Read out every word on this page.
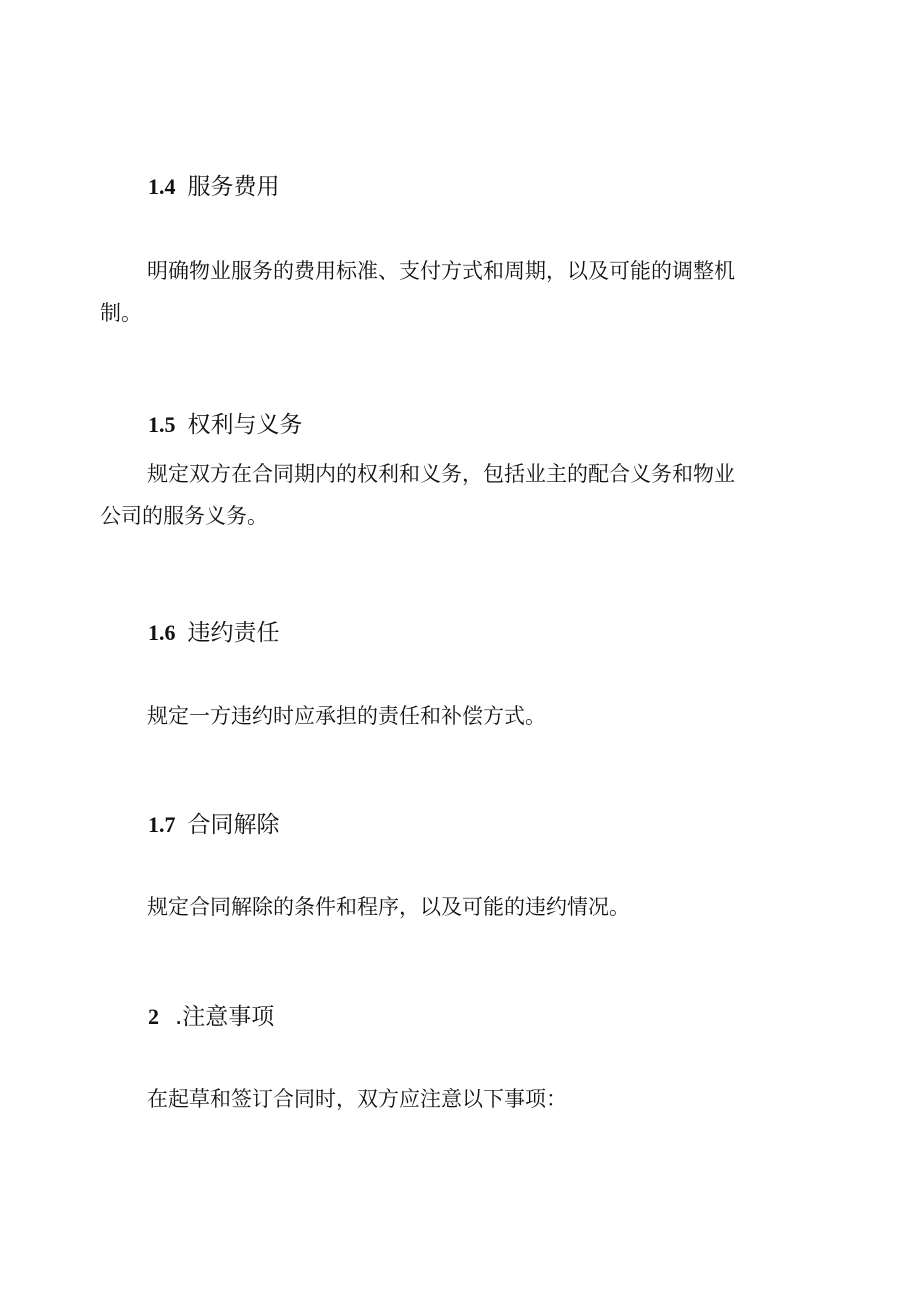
1.4 服务费用
明确物业服务的费用标准、支付方式和周期，以及可能的调整机
制。
1.5 权利与义务
规定双方在合同期内的权利和义务，包括业主的配合义务和物业
公司的服务义务。
1.6 违约责任
规定一方违约时应承担的责任和补偿方式。
1.7 合同解除
规定合同解除的条件和程序，以及可能的违约情况。
2 .注意事项
在起草和签订合同时，双方应注意以下事项：
